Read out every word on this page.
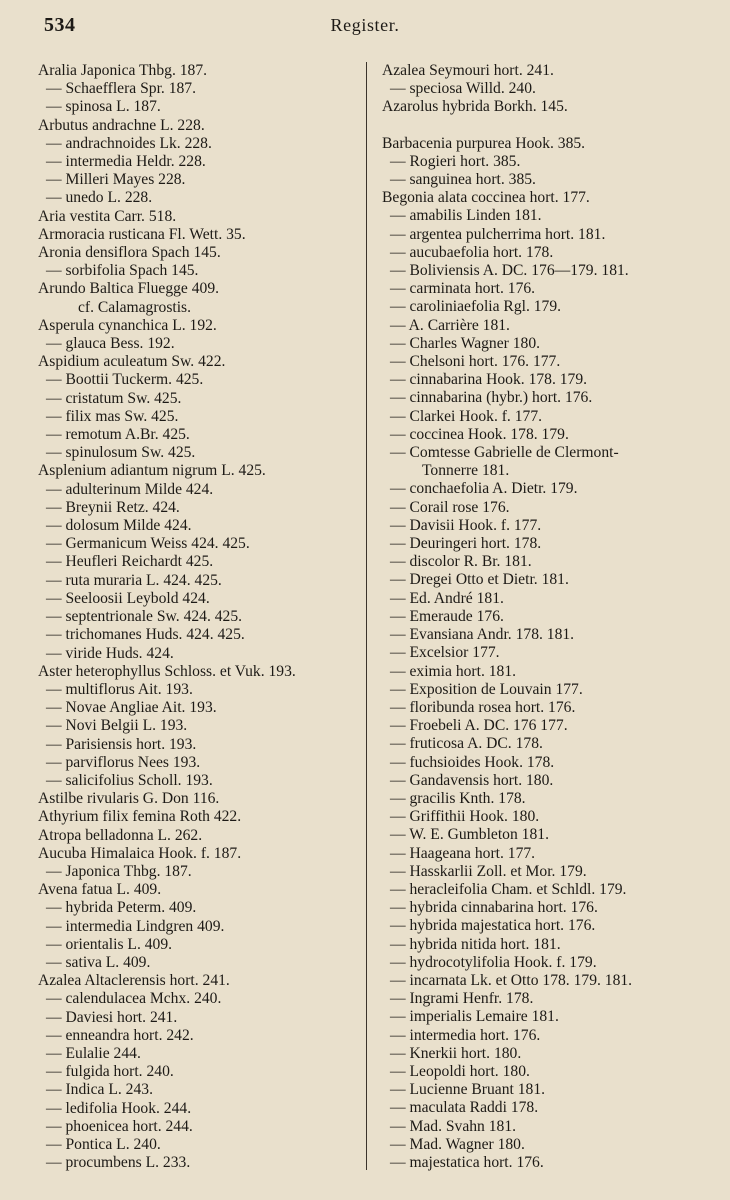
534	Register.
Aralia Japonica Thbg. 187.
— Schaefflera Spr. 187.
— spinosa L. 187.
Arbutus andrachne L. 228.
— andrachnoides Lk. 228.
— intermedia Heldr. 228.
— Milleri Mayes 228.
— unedo L. 228.
Aria vestita Carr. 518.
Armoracia rusticana Fl. Wett. 35.
Aronia densiflora Spach 145.
— sorbifolia Spach 145.
Arundo Baltica Fluegge 409.
cf. Calamagrostis.
Asperula cynanchica L. 192.
— glauca Bess. 192.
Aspidium aculeatum Sw. 422.
— Boottii Tuckerm. 425.
— cristatum Sw. 425.
— filix mas Sw. 425.
— remotum A.Br. 425.
— spinulosum Sw. 425.
Asplenium adiantum nigrum L. 425.
— adulterinum Milde 424.
— Breynii Retz. 424.
— dolosum Milde 424.
— Germanicum Weiss 424. 425.
— Heufleri Reichardt 425.
— ruta muraria L. 424. 425.
— Seeloosii Leybold 424.
— septentrionale Sw. 424. 425.
— trichomanes Huds. 424. 425.
— viride Huds. 424.
Aster heterophyllus Schloss. et Vuk. 193.
— multiflorus Ait. 193.
— Novae Angliae Ait. 193.
— Novi Belgii L. 193.
— Parisiensis hort. 193.
— parviflorus Nees 193.
— salicifolius Scholl. 193.
Astilbe rivularis G. Don 116.
Athyrium filix femina Roth 422.
Atropa belladonna L. 262.
Aucuba Himalaica Hook. f. 187.
— Japonica Thbg. 187.
Avena fatua L. 409.
— hybrida Peterm. 409.
— intermedia Lindgren 409.
— orientalis L. 409.
— sativa L. 409.
Azalea Altaclerensis hort. 241.
— calendulacea Mchx. 240.
— Daviesi hort. 241.
— enneandra hort. 242.
— Eulalie 244.
— fulgida hort. 240.
— Indica L. 243.
— ledifolia Hook. 244.
— phoenicea hort. 244.
— Pontica L. 240.
— procumbens L. 233.
Azalea Seymouri hort. 241.
— speciosa Willd. 240.
Azarolus hybrida Borkh. 145.
Barbacenia purpurea Hook. 385.
— Rogieri hort. 385.
— sanguinea hort. 385.
Begonia alata coccinea hort. 177.
— amabilis Linden 181.
— argentea pulcherrima hort. 181.
— aucubaefolia hort. 178.
— Boliviensis A. DC. 176—179. 181.
— carminata hort. 176.
— caroliniaefolia Rgl. 179.
— A. Carrière 181.
— Charles Wagner 180.
— Chelsoni hort. 176. 177.
— cinnabarina Hook. 178. 179.
— cinnabarina (hybr.) hort. 176.
— Clarkei Hook. f. 177.
— coccinea Hook. 178. 179.
— Comtesse Gabrielle de Clermont-
Tonnerre 181.
— conchaefolia A. Dietr. 179.
— Corail rose 176.
— Davisii Hook. f. 177.
— Deuringeri hort. 178.
— discolor R. Br. 181.
— Dregei Otto et Dietr. 181.
— Ed. André 181.
— Emeraude 176.
— Evansiana Andr. 178. 181.
— Excelsior 177.
— eximia hort. 181.
— Exposition de Louvain 177.
— floribunda rosea hort. 176.
— Froebeli A. DC. 176 177.
— fruticosa A. DC. 178.
— fuchsioides Hook. 178.
— Gandavensis hort. 180.
— gracilis Knth. 178.
— Griffithii Hook. 180.
— W. E. Gumbleton 181.
— Haageana hort. 177.
— Hasskarlii Zoll. et Mor. 179.
— heracleifolia Cham. et Schldl. 179.
— hybrida cinnabarina hort. 176.
— hybrida majestatica hort. 176.
— hybrida nitida hort. 181.
— hydrocotylifolia Hook. f. 179.
— incarnata Lk. et Otto 178. 179. 181.
— Ingrami Henfr. 178.
— imperialis Lemaire 181.
— intermedia hort. 176.
— Knerkii hort. 180.
— Leopoldi hort. 180.
— Lucienne Bruant 181.
— maculata Raddi 178.
— Mad. Svahn 181.
— Mad. Wagner 180.
— majestatica hort. 176.
